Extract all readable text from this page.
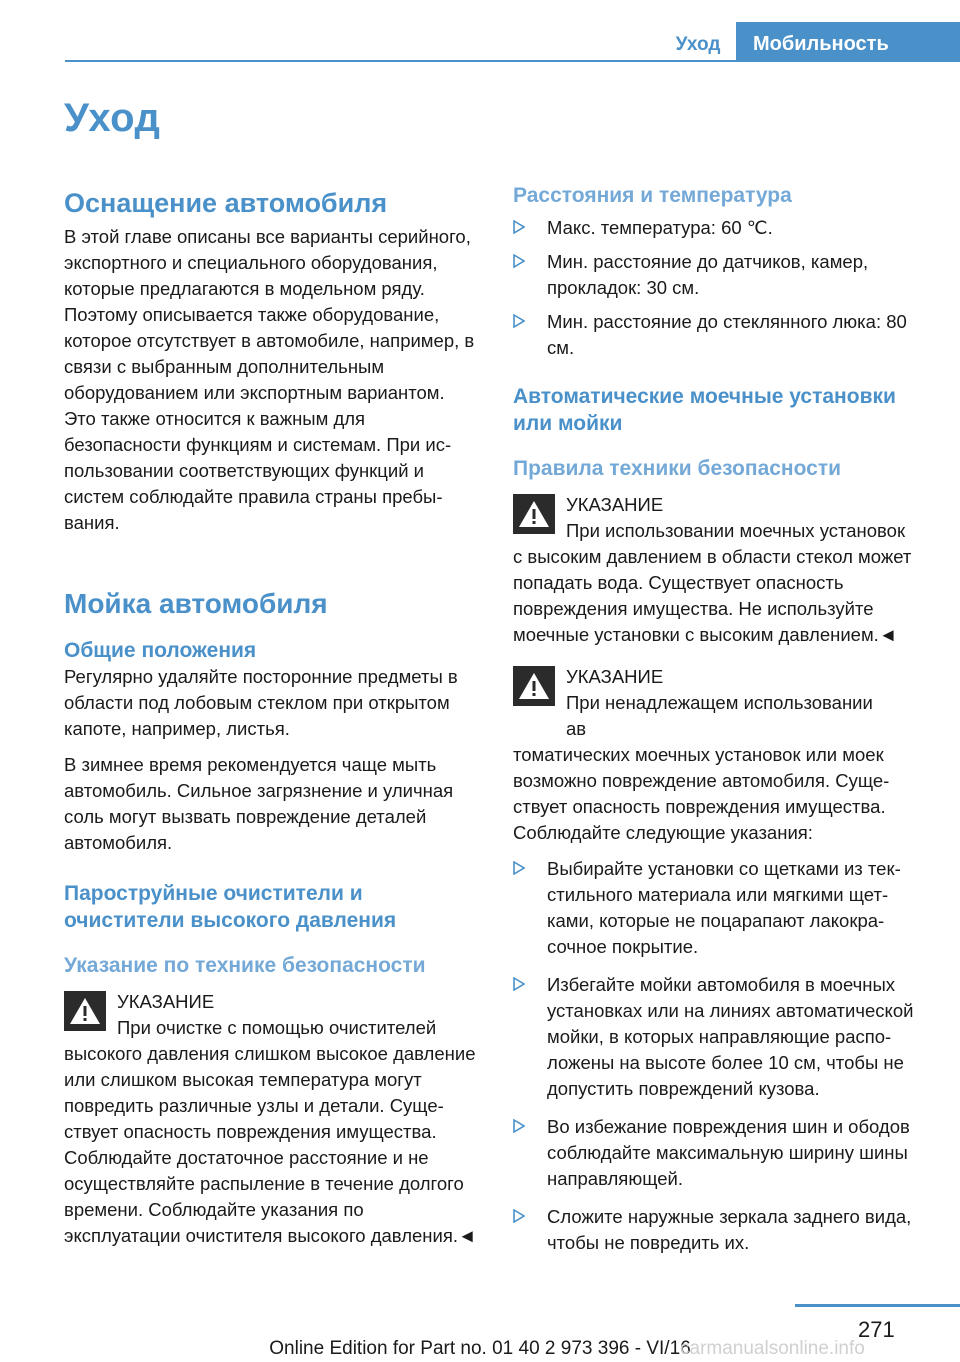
Уход	Мобильность
Уход
Оснащение автомобиля

В этой главе описаны все варианты серийного, экспортного и специального оборудования, которые предлагаются в модельном ряду. Поэтому описывается также оборудование, которое отсутствует в автомобиле, например, в связи с выбранным дополнительным оборудованием или экспортным вариантом. Это также относится к важным для безопасности функциям и системам. При использовании соответствующих функций и систем соблюдайте правила страны пребывания.

Мойка автомобиля
Общие положения

Регулярно удаляйте посторонние предметы в области под лобовым стеклом при открытом капоте, например, листья.

В зимнее время рекомендуется чаще мыть автомобиль. Сильное загрязнение и уличная соль могут вызвать повреждение деталей автомобиля.

Пароструйные очистители и очистители высокого давления
Указание по технике безопасности
УКАЗАНИЕ
При очистке с помощью очистителей

высокого давления слишком высокое давление или слишком высокая температура могут повредить различные узлы и детали. Существует опасность повреждения имущества. Соблюдайте достаточное расстояние и не осуществляйте распыление в течение долгого времени. Соблюдайте указания по эксплуатации очистителя высокого давления.◄

Расстояния и температура
Макс. температура: 60 ℃.
Мин. расстояние до датчиков, камер, прокладок: 30 см.
Мин. расстояние до стеклянного люка: 80 см.
Автоматические моечные установки или мойки
Правила техники безопасности
УКАЗАНИЕ
При использовании моечных установок

с высоким давлением в области стекол может попадать вода. Существует опасность повреждения имущества. Не используйте моечные установки с высоким давлением.◄

УКАЗАНИЕ
При ненадлежащем использовании ав

томатических моечных установок или моек возможно повреждение автомобиля. Существует опасность повреждения имущества. Соблюдайте следующие указания:

Выбирайте установки со щетками из текстильного материала или мягкими щетками, которые не поцарапают лакокрасочное покрытие.
Избегайте мойки автомобиля в моечных установках или на линиях автоматической мойки, в которых направляющие расположены на высоте более 10 см, чтобы не допустить повреждений кузова.
Во избежание повреждения шин и ободов соблюдайте максимальную ширину шины направляющей.
Сложите наружные зеркала заднего вида, чтобы не повредить их.
271
Online Edition for Part no. 01 40 2 973 396 - VI/16
carmanualsonline.info
